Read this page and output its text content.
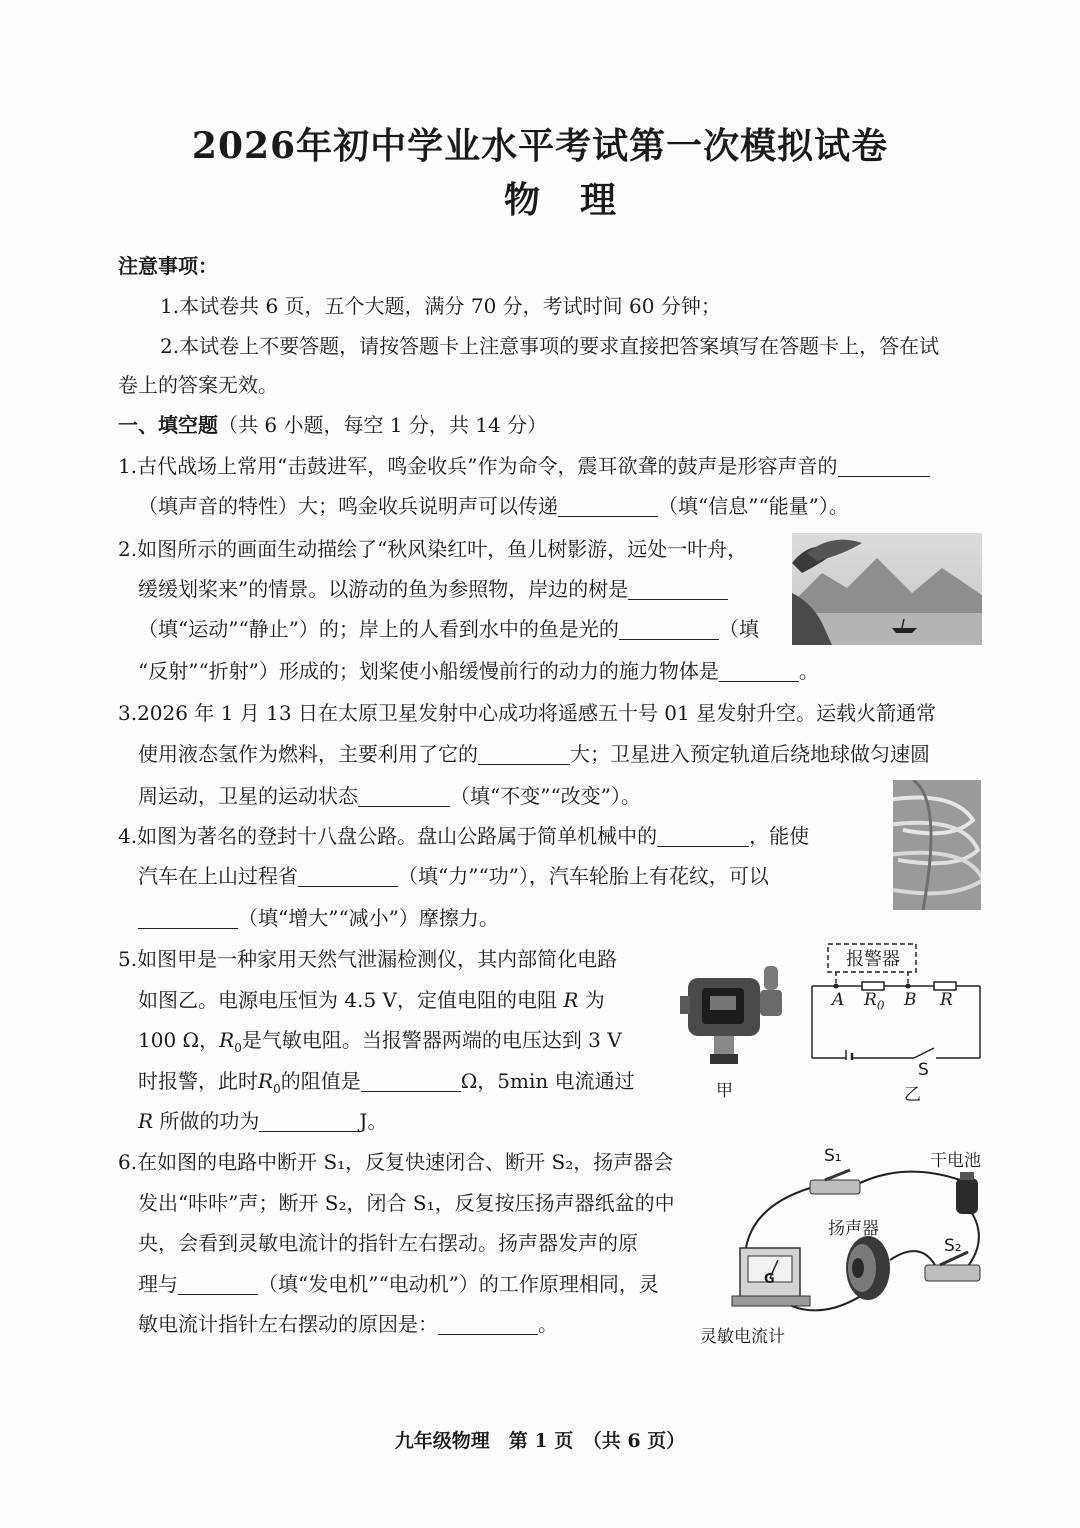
2026年初中学业水平考试第一次模拟试卷
物理
注意事项：
1.本试卷共 6 页，五个大题，满分 70 分，考试时间 60 分钟；
2.本试卷上不要答题，请按答题卡上注意事项的要求直接把答案填写在答题卡上，答在试
卷上的答案无效。
一、填空题（共 6 小题，每空 1 分，共 14 分）
1.古代战场上常用“击鼓进军，鸣金收兵”作为命令，震耳欲聋的鼓声是形容声音的
（填声音的特性）大；鸣金收兵说明声可以传递	（填“信息”“能量”）。
2.如图所示的画面生动描绘了“秋风染红叶，鱼儿树影游，远处一叶舟，
缓缓划桨来”的情景。以游动的鱼为参照物，岸边的树是
（填“运动”“静止”）的；岸上的人看到水中的鱼是光的	（填
“反射”“折射”）形成的；划桨使小船缓慢前行的动力的施力物体是	。
3.2026 年 1 月 13 日在太原卫星发射中心成功将遥感五十号 01 星发射升空。运载火箭通常
使用液态氢作为燃料，主要利用了它的	大；卫星进入预定轨道后绕地球做匀速圆
周运动，卫星的运动状态	（填“不变”“改变”）。
4.如图为著名的登封十八盘公路。盘山公路属于简单机械中的	，能使
汽车在上山过程省	（填“力”“功”），汽车轮胎上有花纹，可以
（填“增大”“减小”）摩擦力。
5.如图甲是一种家用天然气泄漏检测仪，其内部简化电路
如图乙。电源电压恒为 4.5 V，定值电阻的电阻 R 为
100 Ω，$R_0$是气敏电阻。当报警器两端的电压达到 3 V
时报警，此时$R_0$的阻值是	Ω，5min 电流通过
R 所做的功为	J。
甲
报警器
A $R_0$ B R
S
乙
6.在如图的电路中断开 S₁，反复快速闭合、断开 S₂，扬声器会
发出“咔咔”声；断开 S₂，闭合 S₁，反复按压扬声器纸盆的中
央，会看到灵敏电流计的指针左右摆动。扬声器发声的原
理与	（填“发电机”“电动机”）的工作原理相同，灵
敏电流计指针左右摆动的原因是：	。
S₁	干电池
扬声器
S₂
G
灵敏电流计
九年级物理　第 1 页　（共 6 页）
